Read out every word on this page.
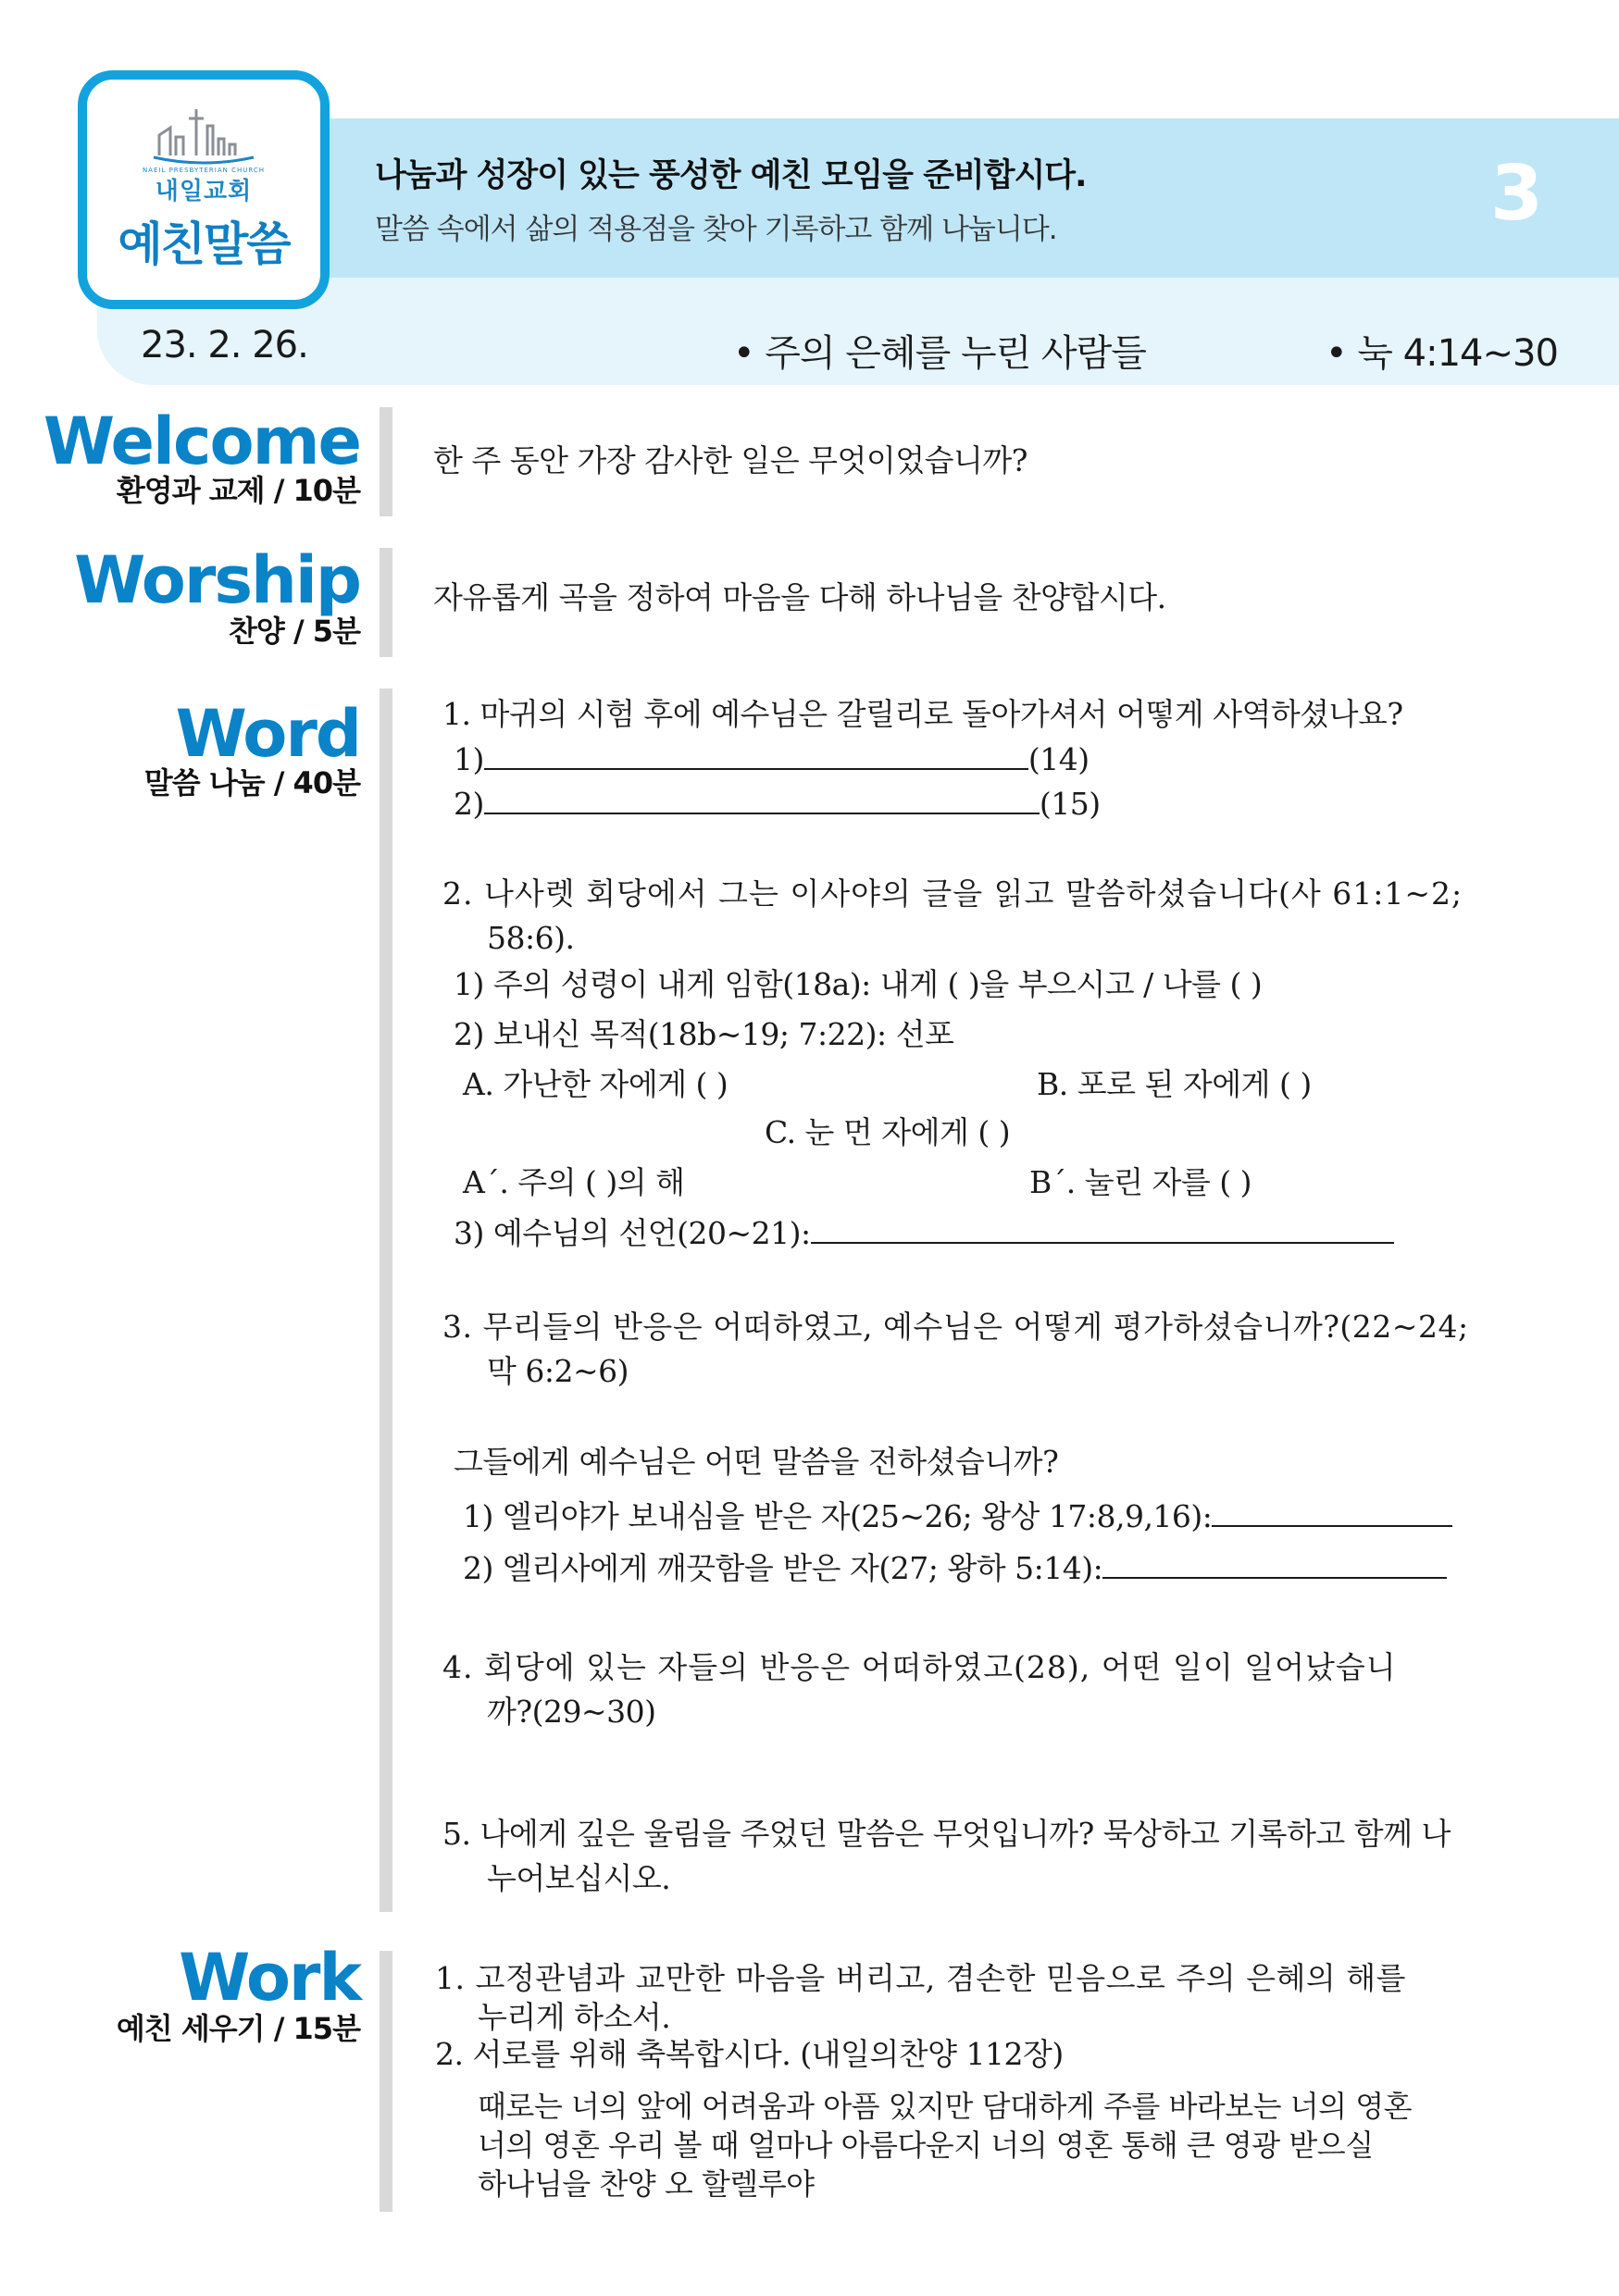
NAEIL PRESBYTERIAN CHURCH
내일교회
예친말씀
나눔과 성장이 있는 풍성한 예친 모임을 준비합시다.
말씀 속에서 삶의 적용점을 찾아 기록하고 함께 나눕니다.	3
23. 2. 26.	• 주의 은혜를 누린 사람들	• 눅 4:14~30
Welcome
환영과 교제 / 10분
한 주 동안 가장 감사한 일은 무엇이었습니까?
Worship
찬양 / 5분
자유롭게 곡을 정하여 마음을 다해 하나님을 찬양합시다.
Word
말씀 나눔 / 40분
1. 마귀의 시험 후에 예수님은 갈릴리로 돌아가셔서 어떻게 사역하셨나요?
1)	(14)
2)	(15)
2. 나사렛 회당에서 그는 이사야의 글을 읽고 말씀하셨습니다(사 61:1~2;
58:6).
1) 주의 성령이 내게 임함(18a): 내게 ( )을 부으시고 / 나를 ( )
2) 보내신 목적(18b~19; 7:22): 선포
A. 가난한 자에게 ( )	B. 포로 된 자에게 ( )
C. 눈 먼 자에게 ( )
A´. 주의 ( )의 해	B´. 눌린 자를 ( )
3) 예수님의 선언(20~21):
3. 무리들의 반응은 어떠하였고, 예수님은 어떻게 평가하셨습니까?(22~24;
막 6:2~6)
그들에게 예수님은 어떤 말씀을 전하셨습니까?
1) 엘리야가 보내심을 받은 자(25~26; 왕상 17:8,9,16):
2) 엘리사에게 깨끗함을 받은 자(27; 왕하 5:14):
4. 회당에 있는 자들의 반응은 어떠하였고(28), 어떤 일이 일어났습니
까?(29~30)
5. 나에게 깊은 울림을 주었던 말씀은 무엇입니까? 묵상하고 기록하고 함께 나
누어보십시오.
Work
예친 세우기 / 15분
1. 고정관념과 교만한 마음을 버리고, 겸손한 믿음으로 주의 은혜의 해를
누리게 하소서.
2. 서로를 위해 축복합시다. (내일의찬양 112장)
때로는 너의 앞에 어려움과 아픔 있지만 담대하게 주를 바라보는 너의 영혼
너의 영혼 우리 볼 때 얼마나 아름다운지 너의 영혼 통해 큰 영광 받으실
하나님을 찬양 오 할렐루야
